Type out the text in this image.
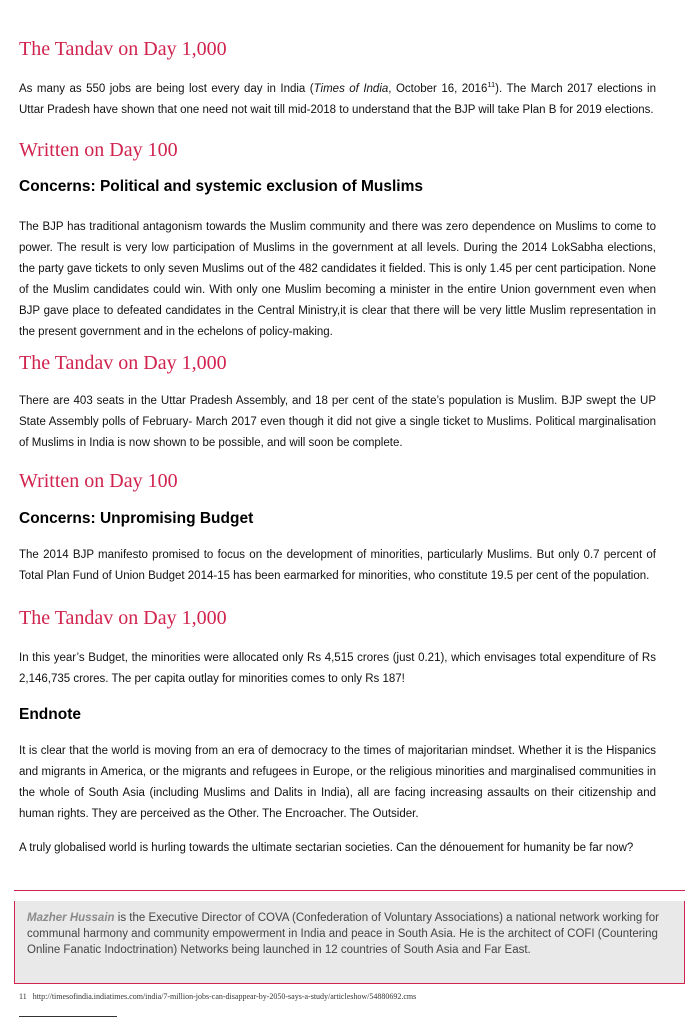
The Tandav on Day 1,000

As many as 550 jobs are being lost every day in India (Times of India, October 16, 2016$^{11}$). The March 2017 elections in Uttar Pradesh have shown that one need not wait till mid-2018 to understand that the BJP will take Plan B for 2019 elections.

Written on Day 100
Concerns: Political and systemic exclusion of Muslims

The BJP has traditional antagonism towards the Muslim community and there was zero dependence on Muslims to come to power. The result is very low participation of Muslims in the government at all levels. During the 2014 LokSabha elections, the party gave tickets to only seven Muslims out of the 482 candidates it fielded. This is only 1.45 per cent participation. None of the Muslim candidates could win. With only one Muslim becoming a minister in the entire Union government even when BJP gave place to defeated candidates in the Central Ministry,it is clear that there will be very little Muslim representation in the present government and in the echelons of policy-making.

The Tandav on Day 1,000

There are 403 seats in the Uttar Pradesh Assembly, and 18 per cent of the state’s population is Muslim. BJP swept the UP State Assembly polls of February- March 2017 even though it did not give a single ticket to Muslims. Political marginalisation of Muslims in India is now shown to be possible, and will soon be complete.

Written on Day 100
Concerns: Unpromising Budget

The 2014 BJP manifesto promised to focus on the development of minorities, particularly Muslims. But only 0.7 percent of Total Plan Fund of Union Budget 2014-15 has been earmarked for minorities, who constitute 19.5 per cent of the population.

The Tandav on Day 1,000

In this year’s Budget, the minorities were allocated only Rs 4,515 crores (just 0.21), which envisages total expenditure of Rs 2,146,735 crores. The per capita outlay for minorities comes to only Rs 187!

Endnote

It is clear that the world is moving from an era of democracy to the times of majoritarian mindset. Whether it is the Hispanics and migrants in America, or the migrants and refugees in Europe, or the religious minorities and marginalised communities in the whole of South Asia (including Muslims and Dalits in India), all are facing increasing assaults on their citizenship and human rights. They are perceived as the Other. The Encroacher. The Outsider.

A truly globalised world is hurling towards the ultimate sectarian societies. Can the dénouement for humanity be far now?

Mazher Hussain is the Executive Director of COVA (Confederation of Voluntary Associations) a national network working for communal harmony and community empowerment in India and peace in South Asia. He is the architect of COFI (Countering Online Fanatic Indoctrination) Networks being launched in 12 countries of South Asia and Far East.

11 http://timesofindia.indiatimes.com/india/7-million-jobs-can-disappear-by-2050-says-a-study/articleshow/54880692.cms
